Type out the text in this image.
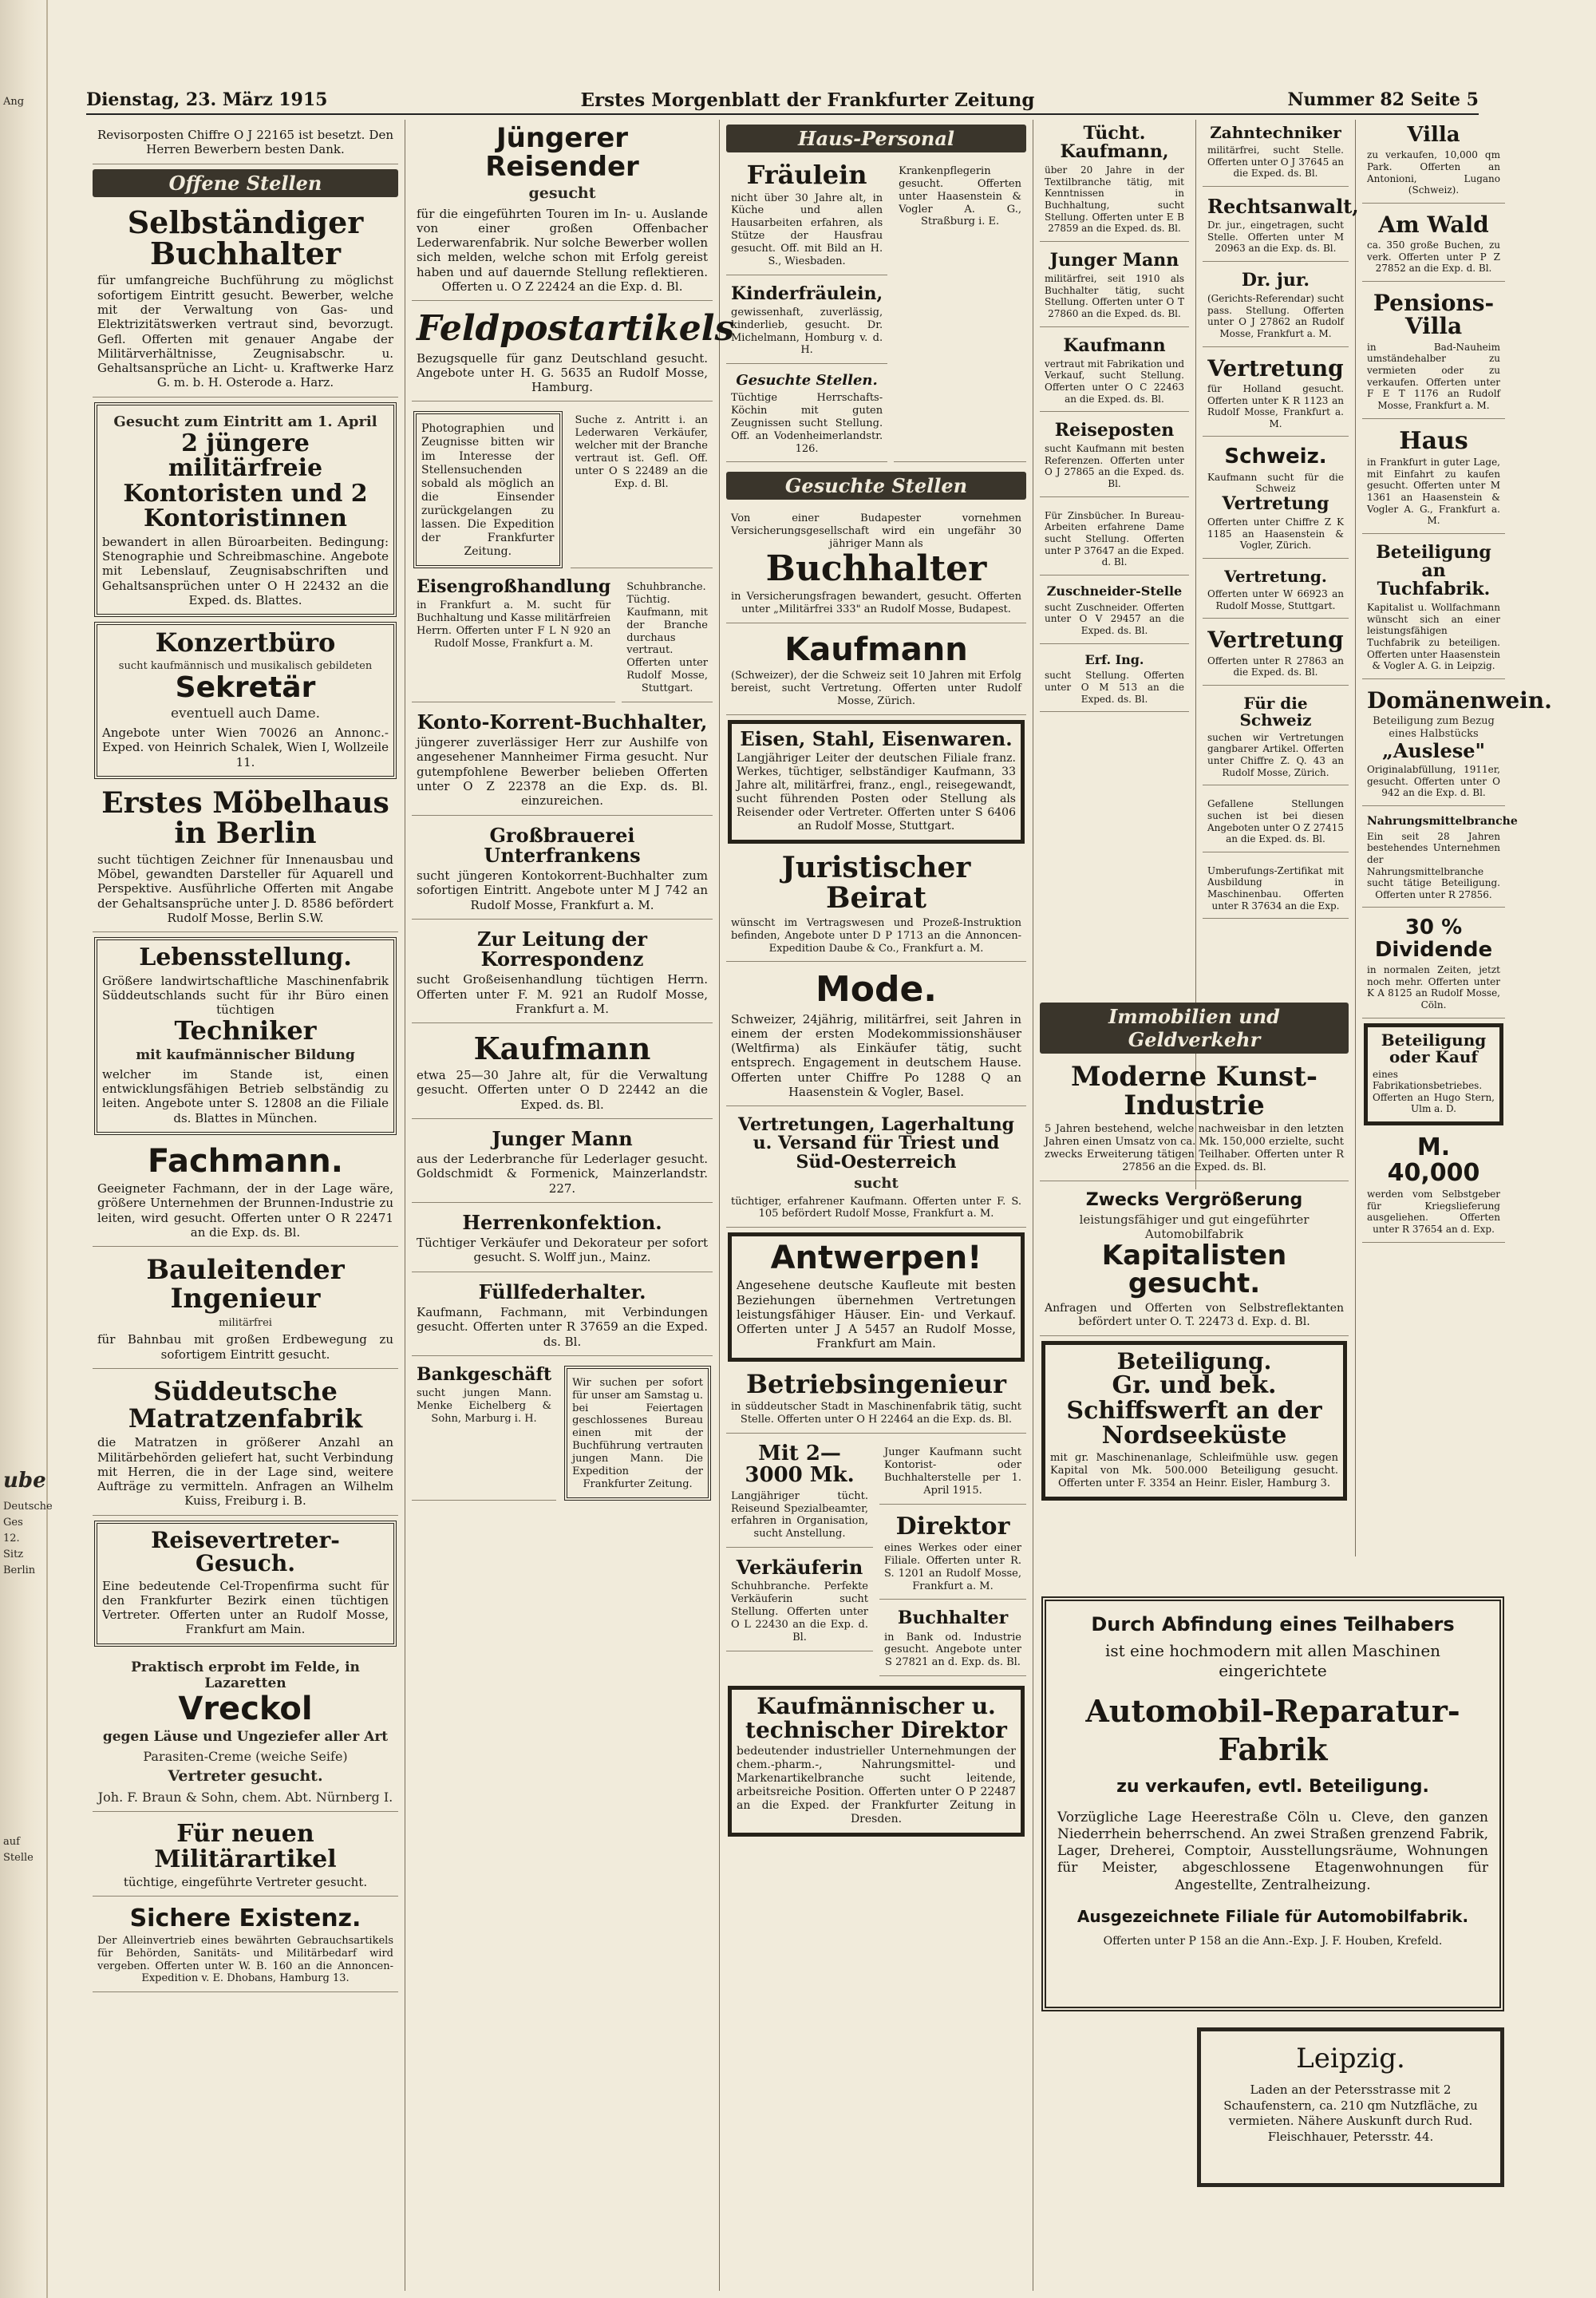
Ang
ube
Deutsche
Ges
12.
Sitz
Berlin
auf
Stelle
Dienstag, 23. März 1915	Erstes Morgenblatt der Frankfurter Zeitung	Nummer 82 Seite 5
Revisorposten Chiffre O J 22165 ist besetzt. Den Herren Bewerbern besten Dank.
Offene Stellen
Selbständiger Buchhalter
für umfangreiche Buchführung zu möglichst sofortigem Eintritt gesucht. Bewerber, welche mit der Verwaltung von Gas- und Elektrizitätswerken vertraut sind, bevorzugt. Gefl. Offerten mit genauer Angabe der Militärverhältnisse, Zeugnisabschr. u. Gehaltsansprüche an Licht- u. Kraftwerke Harz G. m. b. H. Osterode a. Harz.
Gesucht zum Eintritt am 1. April
2 jüngere militärfreie Kontoristen und 2 Kontoristinnen
bewandert in allen Büroarbeiten. Bedingung: Stenographie und Schreibmaschine. Angebote mit Lebenslauf, Zeugnisabschriften und Gehaltsansprüchen unter O H 22432 an die Exped. ds. Blattes.
Konzertbüro
sucht kaufmännisch und musikalisch gebildeten
Sekretär
eventuell auch Dame.
Angebote unter Wien 70026 an Annonc.-Exped. von Heinrich Schalek, Wien I, Wollzeile 11.
Erstes Möbelhaus in Berlin
sucht tüchtigen Zeichner für Innenausbau und Möbel, gewandten Darsteller für Aquarell und Perspektive. Ausführliche Offerten mit Angabe der Gehaltsansprüche unter J. D. 8586 befördert Rudolf Mosse, Berlin S.W.
Lebensstellung.
Größere landwirtschaftliche Maschinenfabrik Süddeutschlands sucht für ihr Büro einen tüchtigen
Techniker
mit kaufmännischer Bildung
welcher im Stande ist, einen entwicklungsfähigen Betrieb selbständig zu leiten. Angebote unter S. 12808 an die Filiale ds. Blattes in München.
Fachmann.
Geeigneter Fachmann, der in der Lage wäre, größere Unternehmen der Brunnen-Industrie zu leiten, wird gesucht. Offerten unter O R 22471 an die Exp. ds. Bl.
Bauleitender Ingenieur
militärfrei
für Bahnbau mit großen Erdbewegung zu sofortigem Eintritt gesucht.
Süddeutsche Matratzenfabrik
die Matratzen in größerer Anzahl an Militärbehörden geliefert hat, sucht Verbindung mit Herren, die in der Lage sind, weitere Aufträge zu vermitteln. Anfragen an Wilhelm Kuiss, Freiburg i. B.
Reisevertreter-Gesuch.
Eine bedeutende Cel-Tropenfirma sucht für den Frankfurter Bezirk einen tüchtigen Vertreter. Offerten unter an Rudolf Mosse, Frankfurt am Main.
Praktisch erprobt im Felde, in Lazaretten
Vreckol
gegen Läuse und Ungeziefer aller Art
Parasiten-Creme (weiche Seife)
Vertreter gesucht.
Joh. F. Braun & Sohn, chem. Abt. Nürnberg I.
Für neuen Militärartikel
tüchtige, eingeführte Vertreter gesucht.
Sichere Existenz.
Der Alleinvertrieb eines bewährten Gebrauchsartikels für Behörden, Sanitäts- und Militärbedarf wird vergeben. Offerten unter W. B. 160 an die Annoncen-Expedition v. E. Dhobans, Hamburg 13.
Jüngerer Reisender
gesucht
für die eingeführten Touren im In- u. Auslande von einer großen Offenbacher Lederwarenfabrik. Nur solche Bewerber wollen sich melden, welche schon mit Erfolg gereist haben und auf dauernde Stellung reflektieren. Offerten u. O Z 22424 an die Exp. d. Bl.
Feldpostartikels
Bezugsquelle für ganz Deutschland gesucht. Angebote unter H. G. 5635 an Rudolf Mosse, Hamburg.
Photographien und Zeugnisse bitten wir im Interesse der Stellensuchenden sobald als möglich an die Einsender zurückgelangen zu lassen. Die Expedition der Frankfurter Zeitung.
Suche z. Antritt i. an Lederwaren Verkäufer, welcher mit der Branche vertraut ist. Gefl. Off. unter O S 22489 an die Exp. d. Bl.
Eisengroßhandlung
in Frankfurt a. M. sucht für Buchhaltung und Kasse militärfreien Herrn. Offerten unter F L N 920 an Rudolf Mosse, Frankfurt a. M.
Schuhbranche. Tüchtig. Kaufmann, mit der Branche durchaus vertraut. Offerten unter Rudolf Mosse, Stuttgart.
Konto-Korrent-Buchhalter,
jüngerer zuverlässiger Herr zur Aushilfe von angesehener Mannheimer Firma gesucht. Nur gutempfohlene Bewerber belieben Offerten unter O Z 22378 an die Exp. ds. Bl. einzureichen.
Großbrauerei Unterfrankens
sucht jüngeren Kontokorrent-Buchhalter zum sofortigen Eintritt. Angebote unter M J 742 an Rudolf Mosse, Frankfurt a. M.
Zur Leitung der Korrespondenz
sucht Großeisenhandlung tüchtigen Herrn. Offerten unter F. M. 921 an Rudolf Mosse, Frankfurt a. M.
Kaufmann
etwa 25—30 Jahre alt, für die Verwaltung gesucht. Offerten unter O D 22442 an die Exped. ds. Bl.
Junger Mann
aus der Lederbranche für Lederlager gesucht. Goldschmidt & Formenick, Mainzerlandstr. 227.
Herrenkonfektion.
Tüchtiger Verkäufer und Dekorateur per sofort gesucht. S. Wolff jun., Mainz.
Füllfederhalter.
Kaufmann, Fachmann, mit Verbindungen gesucht. Offerten unter R 37659 an die Exped. ds. Bl.
Bankgeschäft
sucht jungen Mann. Menke Eichelberg & Sohn, Marburg i. H.
Wir suchen per sofort für unser am Samstag u. bei Feiertagen geschlossenes Bureau einen mit der Buchführung vertrauten jungen Mann. Die Expedition der Frankfurter Zeitung.
Haus-Personal
Fräulein
nicht über 30 Jahre alt, in Küche und allen Hausarbeiten erfahren, als Stütze der Hausfrau gesucht. Off. mit Bild an H. S., Wiesbaden.
Kinderfräulein,
gewissenhaft, zuverlässig, kinderlieb, gesucht. Dr. Michelmann, Homburg v. d. H.
Gesuchte Stellen.
Tüchtige Herrschafts-Köchin mit guten Zeugnissen sucht Stellung. Off. an Vodenheimerlandstr. 126.
Krankenpflegerin gesucht. Offerten unter Haasenstein & Vogler A. G., Straßburg i. E.
Gesuchte Stellen
Von einer Budapester vornehmen Versicherungsgesellschaft wird ein ungefähr 30 jähriger Mann als
Buchhalter
in Versicherungsfragen bewandert, gesucht. Offerten unter „Militärfrei 333" an Rudolf Mosse, Budapest.
Kaufmann
(Schweizer), der die Schweiz seit 10 Jahren mit Erfolg bereist, sucht Vertretung. Offerten unter Rudolf Mosse, Zürich.
Eisen, Stahl, Eisenwaren.
Langjähriger Leiter der deutschen Filiale franz. Werkes, tüchtiger, selbständiger Kaufmann, 33 Jahre alt, militärfrei, franz., engl., reisegewandt, sucht führenden Posten oder Stellung als Reisender oder Vertreter. Offerten unter S 6406 an Rudolf Mosse, Stuttgart.
Juristischer Beirat
wünscht im Vertragswesen und Prozeß-Instruktion befinden, Angebote unter D P 1713 an die Annoncen-Expedition Daube & Co., Frankfurt a. M.
Mode.
Schweizer, 24jährig, militärfrei, seit Jahren in einem der ersten Modekommissionshäuser (Weltfirma) als Einkäufer tätig, sucht entsprech. Engagement in deutschem Hause. Offerten unter Chiffre Po 1288 Q an Haasenstein & Vogler, Basel.
Vertretungen, Lagerhaltung u. Versand für Triest und Süd-Oesterreich
sucht
tüchtiger, erfahrener Kaufmann. Offerten unter F. S. 105 befördert Rudolf Mosse, Frankfurt a. M.
Antwerpen!
Angesehene deutsche Kaufleute mit besten Beziehungen übernehmen Vertretungen leistungsfähiger Häuser. Ein- und Verkauf. Offerten unter J A 5457 an Rudolf Mosse, Frankfurt am Main.
Betriebsingenieur
in süddeutscher Stadt in Maschinenfabrik tätig, sucht Stelle. Offerten unter O H 22464 an die Exp. ds. Bl.
Mit 2—3000 Mk.
Langjähriger tücht. Reiseund Spezialbeamter, erfahren in Organisation, sucht Anstellung.
Verkäuferin
Schuhbranche. Perfekte Verkäuferin sucht Stellung. Offerten unter O L 22430 an die Exp. d. Bl.
Junger Kaufmann sucht Kontorist- oder Buchhalterstelle per 1. April 1915.
Direktor
eines Werkes oder einer Filiale. Offerten unter R. S. 1201 an Rudolf Mosse, Frankfurt a. M.
Buchhalter
in Bank od. Industrie gesucht. Angebote unter S 27821 an d. Exp. ds. Bl.
Kaufmännischer u. technischer Direktor
bedeutender industrieller Unternehmungen der chem.-pharm.-, Nahrungsmittel- und Markenartikelbranche sucht leitende, arbeitsreiche Position. Offerten unter O P 22487 an die Exped. der Frankfurter Zeitung in Dresden.
Tücht. Kaufmann,
über 20 Jahre in der Textilbranche tätig, mit Kenntnissen in Buchhaltung, sucht Stellung. Offerten unter E B 27859 an die Exped. ds. Bl.
Junger Mann
militärfrei, seit 1910 als Buchhalter tätig, sucht Stellung. Offerten unter O T 27860 an die Exped. ds. Bl.
Kaufmann
vertraut mit Fabrikation und Verkauf, sucht Stellung. Offerten unter O C 22463 an die Exped. ds. Bl.
Reiseposten
sucht Kaufmann mit besten Referenzen. Offerten unter O J 27865 an die Exped. ds. Bl.
Für Zinsbücher. In Bureau-Arbeiten erfahrene Dame sucht Stellung. Offerten unter P 37647 an die Exped. d. Bl.
Zuschneider-Stelle
sucht Zuschneider. Offerten unter O V 29457 an die Exped. ds. Bl.
Erf. Ing.
sucht Stellung. Offerten unter O M 513 an die Exped. ds. Bl.
Zahntechniker
militärfrei, sucht Stelle. Offerten unter O J 37645 an die Exped. ds. Bl.
Rechtsanwalt,
Dr. jur., eingetragen, sucht Stelle. Offerten unter M 20963 an die Exp. ds. Bl.
Dr. jur.
(Gerichts-Referendar) sucht pass. Stellung. Offerten unter O J 27862 an Rudolf Mosse, Frankfurt a. M.
Vertretung
für Holland gesucht. Offerten unter K R 1123 an Rudolf Mosse, Frankfurt a. M.
Schweiz.
Kaufmann sucht für die Schweiz
Vertretung
Offerten unter Chiffre Z K 1185 an Haasenstein & Vogler, Zürich.
Vertretung.
Offerten unter W 66923 an Rudolf Mosse, Stuttgart.
Vertretung
Offerten unter R 27863 an die Exped. ds. Bl.
Für die Schweiz
suchen wir Vertretungen gangbarer Artikel. Offerten unter Chiffre Z. Q. 43 an Rudolf Mosse, Zürich.
Gefallene Stellungen suchen ist bei diesen Angeboten unter O Z 27415 an die Exped. ds. Bl.
Umberufungs-Zertifikat mit Ausbildung in Maschinenbau. Offerten unter R 37634 an die Exp.
Immobilien und Geldverkehr
Moderne Kunst-Industrie
5 Jahren bestehend, welche nachweisbar in den letzten Jahren einen Umsatz von ca. Mk. 150,000 erzielte, sucht zwecks Erweiterung tätigen Teilhaber. Offerten unter R 27856 an die Exped. ds. Bl.
Zwecks Vergrößerung
leistungsfähiger und gut eingeführter Automobilfabrik
Kapitalisten gesucht.
Anfragen und Offerten von Selbstreflektanten befördert unter O. T. 22473 d. Exp. d. Bl.
Beteiligung.
Gr. und bek. Schiffswerft an der Nordseeküste
mit gr. Maschinenanlage, Schleifmühle usw. gegen Kapital von Mk. 500.000 Beteiligung gesucht. Offerten unter F. 3354 an Heinr. Eisler, Hamburg 3.
Villa
zu verkaufen, 10,000 qm Park. Offerten an Antonioni, Lugano (Schweiz).
Am Wald
ca. 350 große Buchen, zu verk. Offerten unter P Z 27852 an die Exp. d. Bl.
Pensions-Villa
in Bad-Nauheim umständehalber zu vermieten oder zu verkaufen. Offerten unter F E T 1176 an Rudolf Mosse, Frankfurt a. M.
Haus
in Frankfurt in guter Lage, mit Einfahrt zu kaufen gesucht. Offerten unter M 1361 an Haasenstein & Vogler A. G., Frankfurt a. M.
Beteiligung an Tuchfabrik.
Kapitalist u. Wollfachmann wünscht sich an einer leistungsfähigen Tuchfabrik zu beteiligen. Offerten unter Haasenstein & Vogler A. G. in Leipzig.
Domänenwein.
Beteiligung zum Bezug eines Halbstücks
„Auslese"
Originalabfüllung, 1911er, gesucht. Offerten unter O 942 an die Exp. d. Bl.
Nahrungsmittelbranche
Ein seit 28 Jahren bestehendes Unternehmen der Nahrungsmittelbranche sucht tätige Beteiligung. Offerten unter R 27856.
30 %
Dividende
in normalen Zeiten, jetzt noch mehr. Offerten unter K A 8125 an Rudolf Mosse, Cöln.
Beteiligung oder Kauf
eines Fabrikationsbetriebes. Offerten an Hugo Stern, Ulm a. D.
M. 40,000
werden vom Selbstgeber für Kriegslieferung ausgeliehen. Offerten unter R 37654 an d. Exp.
Durch Abfindung eines Teilhabers
ist eine hochmodern mit allen Maschinen eingerichtete
Automobil-Reparatur-Fabrik
zu verkaufen, evtl. Beteiligung.
Vorzügliche Lage Heerestraße Cöln u. Cleve, den ganzen Niederrhein beherrschend. An zwei Straßen grenzend Fabrik, Lager, Dreherei, Comptoir, Ausstellungsräume, Wohnungen für Meister, abgeschlossene Etagenwohnungen für Angestellte, Zentralheizung.
Ausgezeichnete Filiale für Automobilfabrik.
Offerten unter P 158 an die Ann.-Exp. J. F. Houben, Krefeld.
Leipzig.
Laden an der Petersstrasse mit 2 Schaufenstern, ca. 210 qm Nutzfläche, zu vermieten. Nähere Auskunft durch Rud. Fleischhauer, Petersstr. 44.
